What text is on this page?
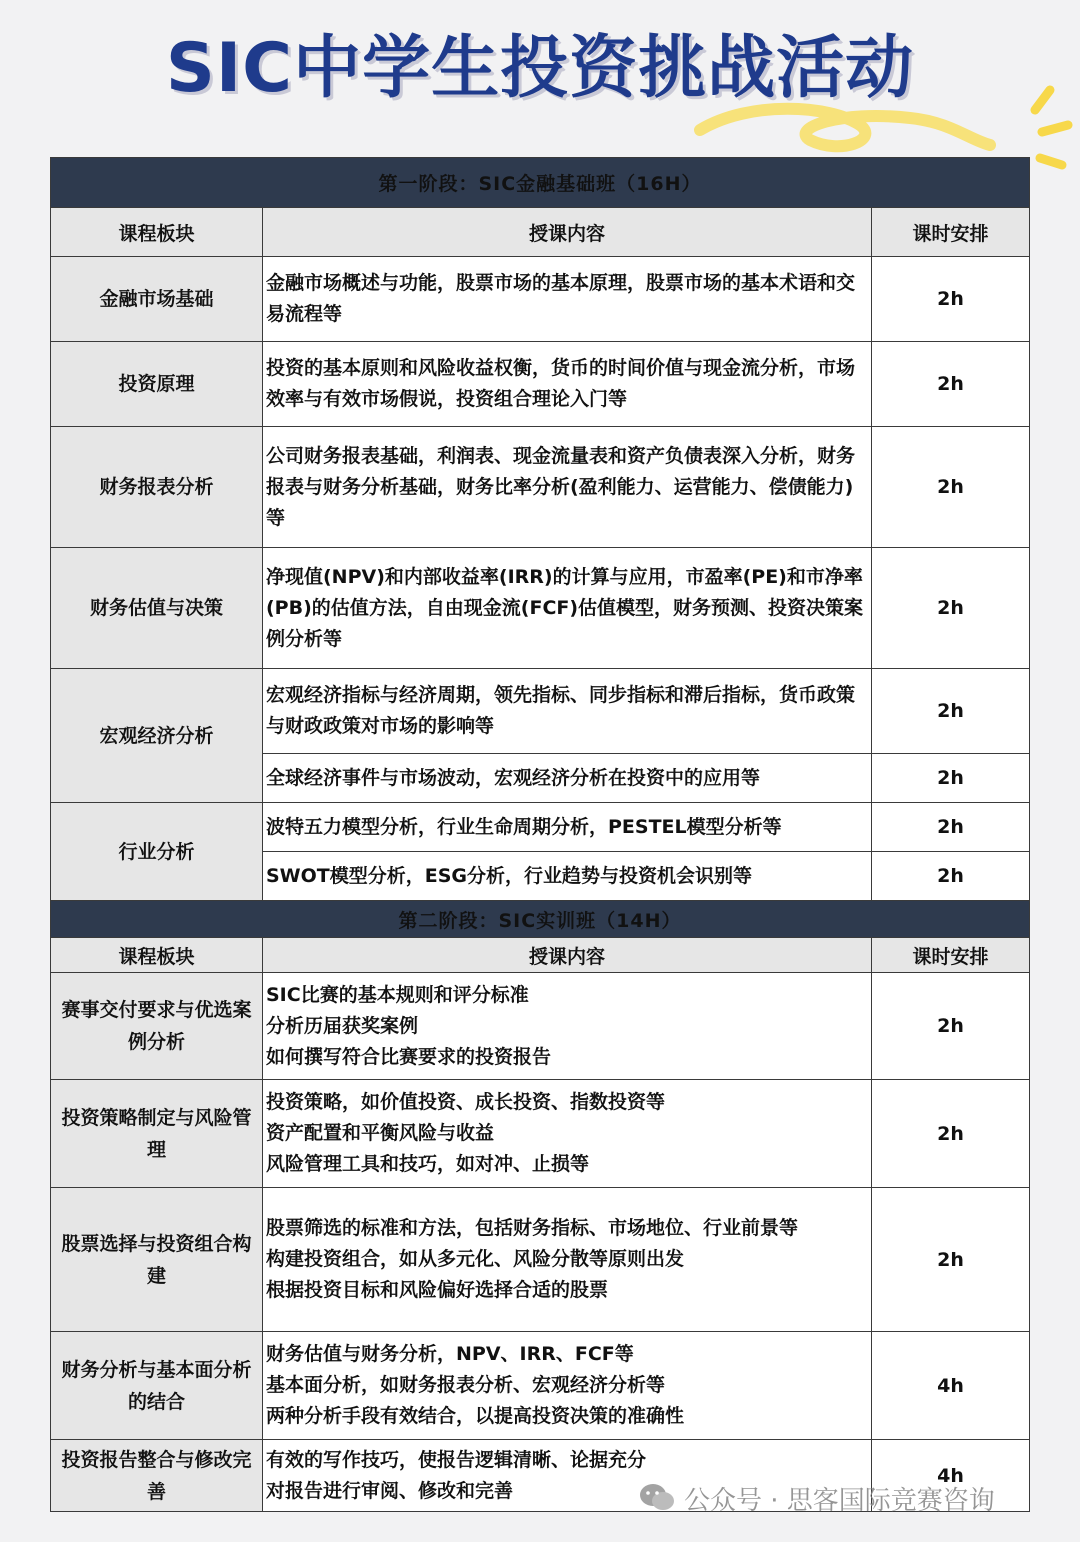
SIC中学生投资挑战活动
第一阶段：SIC金融基础班（16H）		
课程板块	授课内容	课时安排
金融市场基础	金融市场概述与功能，股票市场的基本原理，股票市场的基本术语和交易流程等	2h
投资原理	投资的基本原则和风险收益权衡，货币的时间价值与现金流分析，市场效率与有效市场假说，投资组合理论入门等	2h
财务报表分析	公司财务报表基础，利润表、现金流量表和资产负债表深入分析，财务报表与财务分析基础，财务比率分析(盈利能力、运营能力、偿债能力)等	2h
财务估值与决策	净现值(NPV)和内部收益率(IRR)的计算与应用，市盈率(PE)和市净率(PB)的估值方法，自由现金流(FCF)估值模型，财务预测、投资决策案例分析等	2h
宏观经济分析	宏观经济指标与经济周期，领先指标、同步指标和滞后指标，货币政策与财政政策对市场的影响等	2h
	全球经济事件与市场波动，宏观经济分析在投资中的应用等	2h
行业分析	波特五力模型分析，行业生命周期分析，PESTEL模型分析等	2h
	SWOT模型分析，ESG分析，行业趋势与投资机会识别等	2h
第二阶段：SIC实训班（14H）		
课程板块	授课内容	课时安排
赛事交付要求与优选案例分析	SIC比赛的基本规则和评分标准
分析历届获奖案例
如何撰写符合比赛要求的投资报告	2h
投资策略制定与风险管理	投资策略，如价值投资、成长投资、指数投资等
资产配置和平衡风险与收益
风险管理工具和技巧，如对冲、止损等	2h
股票选择与投资组合构建	股票筛选的标准和方法，包括财务指标、市场地位、行业前景等
构建投资组合，如从多元化、风险分散等原则出发
根据投资目标和风险偏好选择合适的股票	2h
财务分析与基本面分析的结合	财务估值与财务分析，NPV、IRR、FCF等
基本面分析，如财务报表分析、宏观经济分析等
两种分析手段有效结合，以提高投资决策的准确性	4h
投资报告整合与修改完善	有效的写作技巧，使报告逻辑清晰、论据充分
对报告进行审阅、修改和完善	4h
公众号 · 思客国际竞赛咨询
